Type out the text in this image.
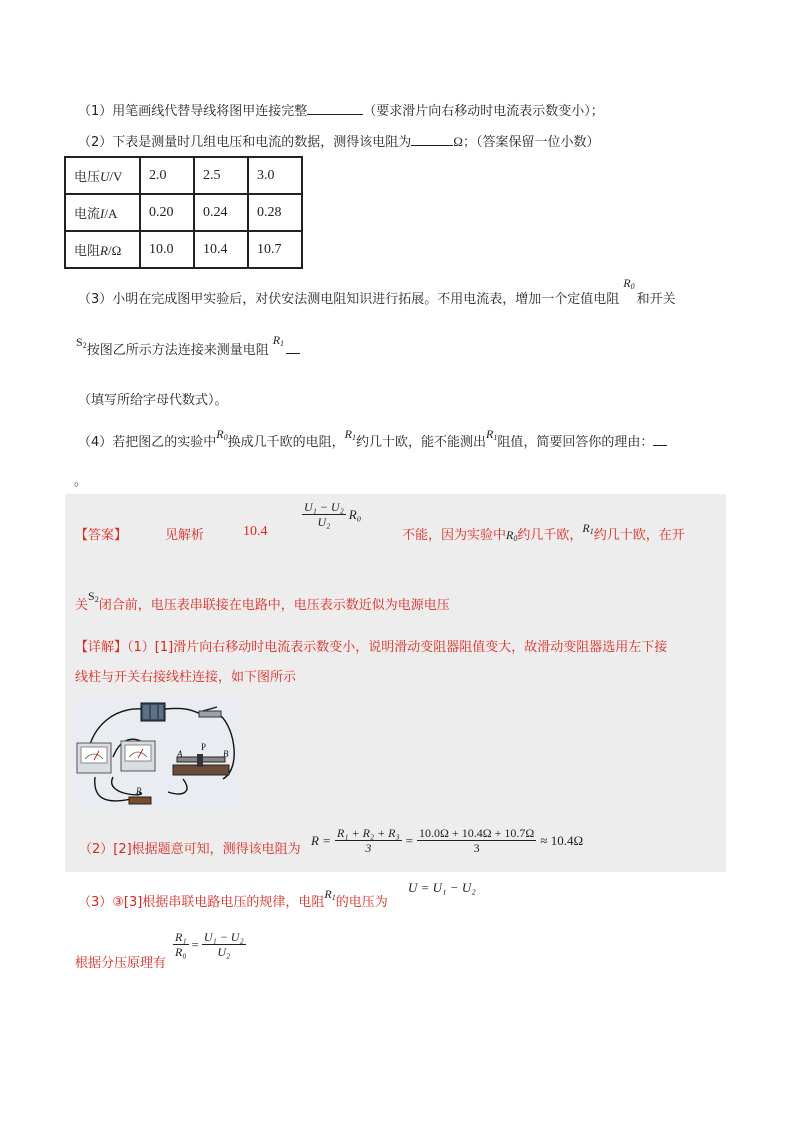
（1）用笔画线代替导线将图甲连接完整	（要求滑片向右移动时电流表示数变小）；
（2）下表是测量时几组电压和电流的数据，测得该电阻为	Ω；（答案保留一位小数）
电压U/V	2.0	2.5	3.0
电流I/A	0.20	0.24	0.28
电阻R/Ω	10.0	10.4	10.7
（3）小明在完成图甲实验后，对伏安法测电阻知识进行拓展。不用电流表，增加一个定值电阻$R_0$和开关
$S_2$按图乙所示方法连接来测量电阻$R_1$
（填写所给字母代数式）。
（4）若把图乙的实验中$R_0$换成几千欧的电阻，$R_1$约几十欧，能不能测出$R_1$阻值，简要回答你的理由：
。
【答案】	见解析	10.4
$\frac{\text{U₁ − U₂}}{\text{U₂}} R_0$
不能，因为实验中$R_0$约几千欧，$R_1$约几十欧，在开
关$S_2$闭合前，电压表串联接在电路中，电压表示数近似为电源电压
【详解】（1）[1]滑片向右移动时电流表示数变小，说明滑动变阻器阻值变大，故滑动变阻器选用左下接
线柱与开关右接线柱连接，如下图所示
A
P
B
R
（2）[2]根据题意可知，测得该电阻为
$R = \frac{\text{R₁ + R₂ + R₃}}{3} = \frac{10.0\Omega + 10.4\Omega + 10.7\Omega}{3} \approx 10.4\Omega$
（3）③[3]根据串联电路电压的规律，电阻$R_1$的电压为
U = U₁ − U₂
根据分压原理有
$\frac{\text{R₁}}{\text{R₀}} = \frac{\text{U₁ − U₂}}{\text{U₂}}$
